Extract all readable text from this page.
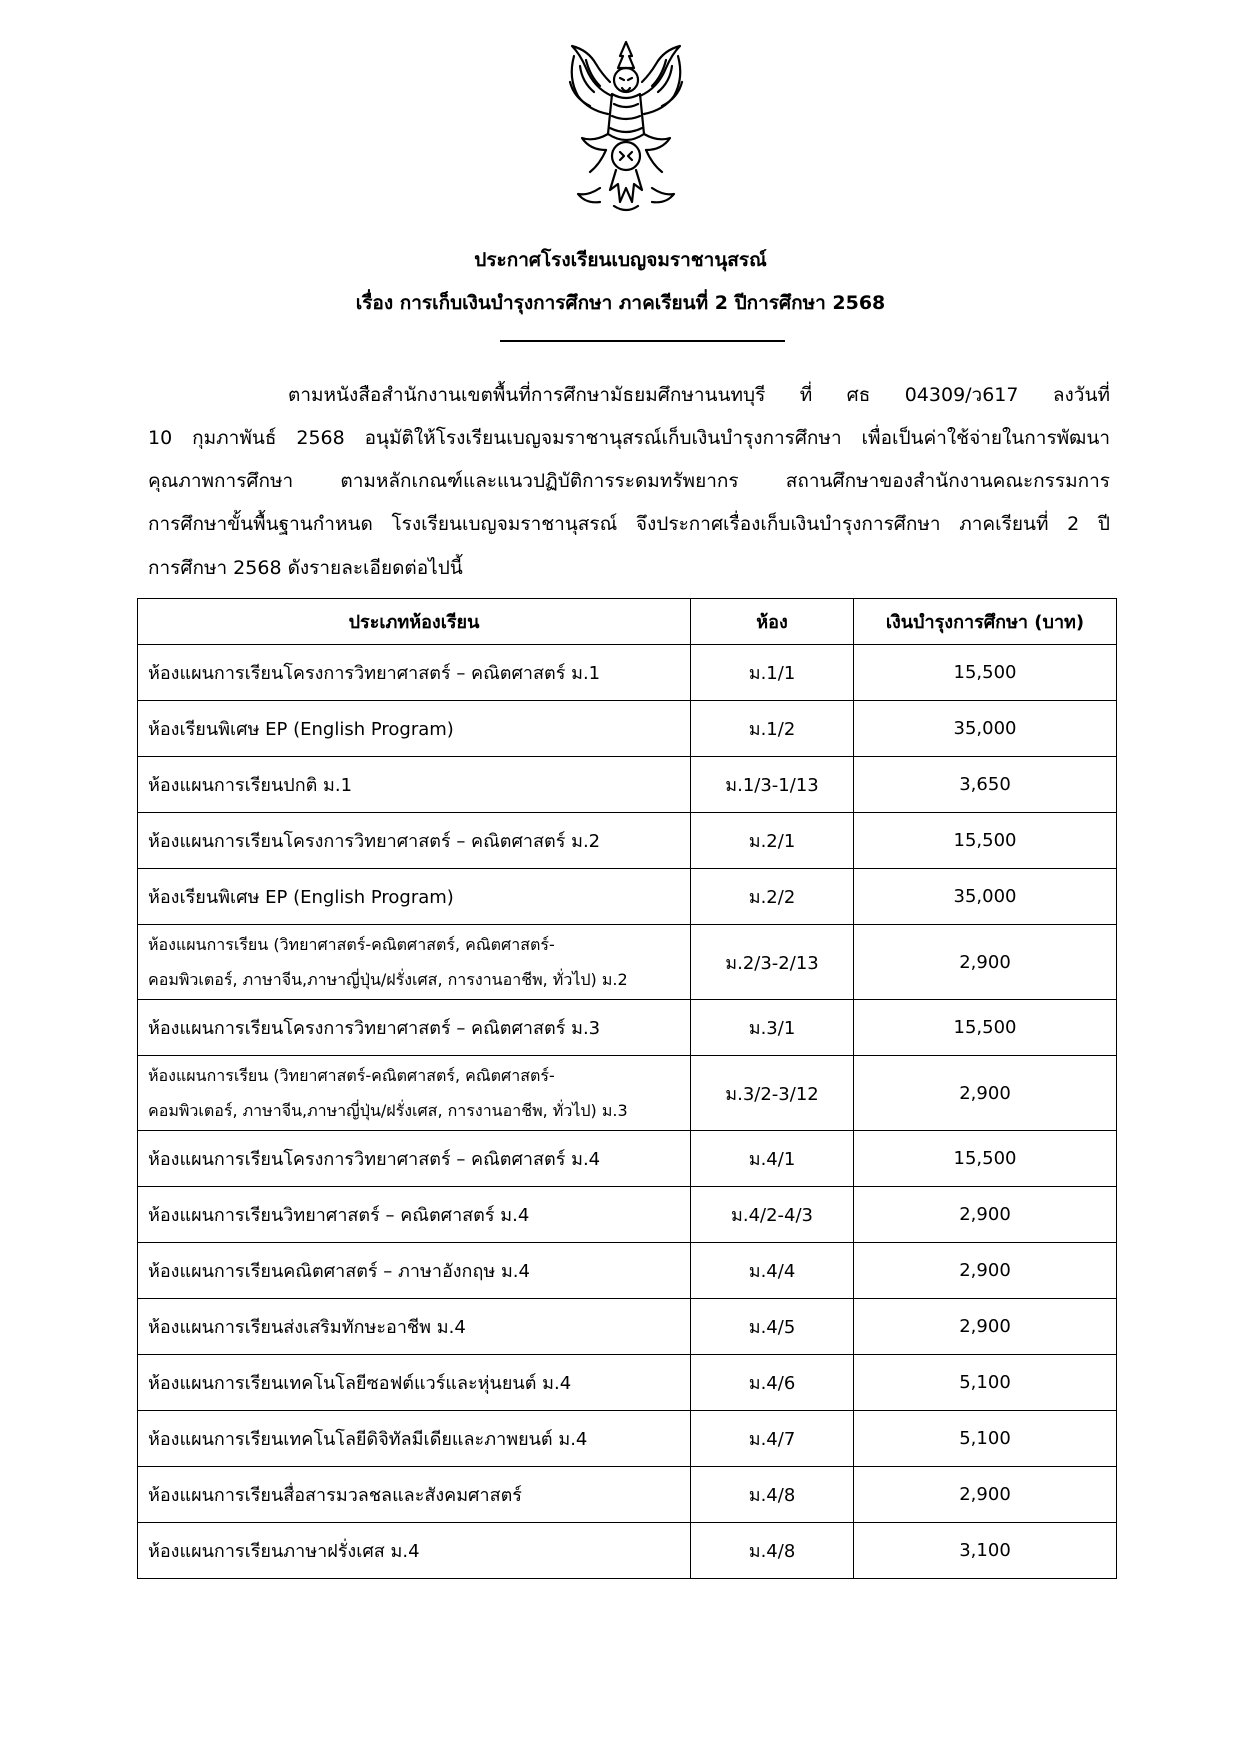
ประกาศโรงเรียนเบญจมราชานุสรณ์
เรื่อง การเก็บเงินบำรุงการศึกษา ภาคเรียนที่ 2 ปีการศึกษา 2568
ตามหนังสือสำนักงานเขตพื้นที่การศึกษามัธยมศึกษานนทบุรี ที่ ศธ 04309/ว617 ลงวันที่
10 กุมภาพันธ์ 2568 อนุมัติให้โรงเรียนเบญจมราชานุสรณ์เก็บเงินบำรุงการศึกษา เพื่อเป็นค่าใช้จ่ายในการพัฒนา
คุณภาพการศึกษา ตามหลักเกณฑ์และแนวปฏิบัติการระดมทรัพยากร สถานศึกษาของสำนักงานคณะกรรมการ
การศึกษาขั้นพื้นฐานกำหนด โรงเรียนเบญจมราชานุสรณ์ จึงประกาศเรื่องเก็บเงินบำรุงการศึกษา ภาคเรียนที่ 2 ปี
การศึกษา 2568 ดังรายละเอียดต่อไปนี้
ประเภทห้องเรียน	ห้อง	เงินบำรุงการศึกษา (บาท)
ห้องแผนการเรียนโครงการวิทยาศาสตร์ – คณิตศาสตร์ ม.1	ม.1/1	15,500
ห้องเรียนพิเศษ EP (English Program)	ม.1/2	35,000
ห้องแผนการเรียนปกติ ม.1	ม.1/3-1/13	3,650
ห้องแผนการเรียนโครงการวิทยาศาสตร์ – คณิตศาสตร์ ม.2	ม.2/1	15,500
ห้องเรียนพิเศษ EP (English Program)	ม.2/2	35,000

ห้องแผนการเรียน (วิทยาศาสตร์-คณิตศาสตร์, คณิตศาสตร์-
คอมพิวเตอร์, ภาษาจีน,ภาษาญี่ปุ่น/ฝรั่งเศส, การงานอาชีพ, ทั่วไป) ม.2	ม.2/3-2/13	2,900
ห้องแผนการเรียนโครงการวิทยาศาสตร์ – คณิตศาสตร์ ม.3	ม.3/1	15,500

ห้องแผนการเรียน (วิทยาศาสตร์-คณิตศาสตร์, คณิตศาสตร์-
คอมพิวเตอร์, ภาษาจีน,ภาษาญี่ปุ่น/ฝรั่งเศส, การงานอาชีพ, ทั่วไป) ม.3	ม.3/2-3/12	2,900
ห้องแผนการเรียนโครงการวิทยาศาสตร์ – คณิตศาสตร์ ม.4	ม.4/1	15,500
ห้องแผนการเรียนวิทยาศาสตร์ – คณิตศาสตร์ ม.4	ม.4/2-4/3	2,900
ห้องแผนการเรียนคณิตศาสตร์ – ภาษาอังกฤษ ม.4	ม.4/4	2,900
ห้องแผนการเรียนส่งเสริมทักษะอาชีพ ม.4	ม.4/5	2,900
ห้องแผนการเรียนเทคโนโลยีซอฟต์แวร์และหุ่นยนต์ ม.4	ม.4/6	5,100
ห้องแผนการเรียนเทคโนโลยีดิจิทัลมีเดียและภาพยนต์ ม.4	ม.4/7	5,100
ห้องแผนการเรียนสื่อสารมวลชลและสังคมศาสตร์	ม.4/8	2,900
ห้องแผนการเรียนภาษาฝรั่งเศส ม.4	ม.4/8	3,100
